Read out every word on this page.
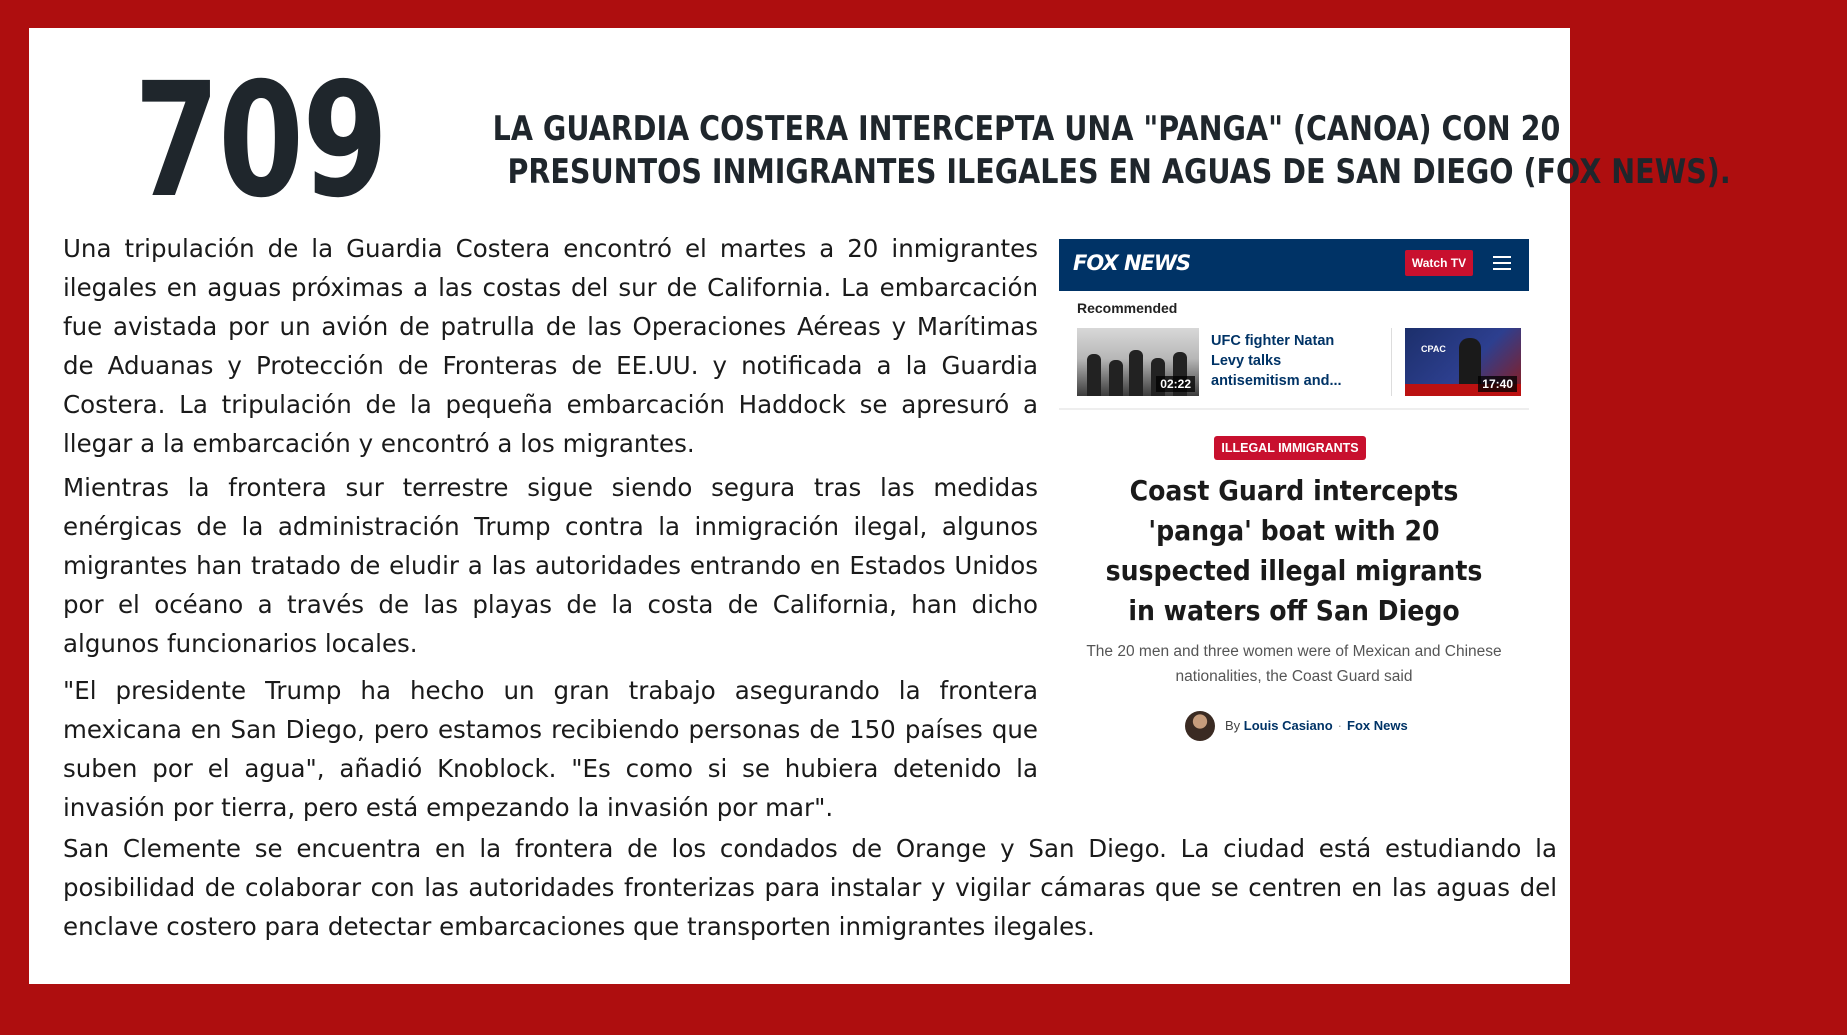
709	LA GUARDIA COSTERA INTERCEPTA UNA "PANGA" (CANOA) CON 20
PRESUNTOS INMIGRANTES ILEGALES EN AGUAS DE SAN DIEGO (FOX NEWS).

Una tripulación de la Guardia Costera encontró el martes a 20 inmigrantes ilegales en aguas próximas a las costas del sur de California. La embarcación fue avistada por un avión de patrulla de las Operaciones Aéreas y Marítimas de Aduanas y Protección de Fronteras de EE.UU. y notificada a la Guardia Costera. La tripulación de la pequeña embarcación Haddock se apresuró a llegar a la embarcación y encontró a los migrantes.

Mientras la frontera sur terrestre sigue siendo segura tras las medidas enérgicas de la administración Trump contra la inmigración ilegal, algunos migrantes han tratado de eludir a las autoridades entrando en Estados Unidos por el océano a través de las playas de la costa de California, han dicho algunos funcionarios locales.

"El presidente Trump ha hecho un gran trabajo asegurando la frontera mexicana en San Diego, pero estamos recibiendo personas de 150 países que suben por el agua", añadió Knoblock. "Es como si se hubiera detenido la invasión por tierra, pero está empezando la invasión por mar".

San Clemente se encuentra en la frontera de los condados de Orange y San Diego. La ciudad está estudiando la posibilidad de colaborar con las autoridades fronterizas para instalar y vigilar cámaras que se centren en las aguas del enclave costero para detectar embarcaciones que transporten inmigrantes ilegales.

FOX NEWS	Watch TV
Recommended
02:22
UFC fighter Natan Levy talks antisemitism and...
CPAC
17:40
ILLEGAL IMMIGRANTS
Coast Guard intercepts 'panga' boat with 20 suspected illegal migrants in waters off San Diego
The 20 men and three women were of Mexican and Chinese nationalities, the Coast Guard said
By Louis Casiano · Fox News
